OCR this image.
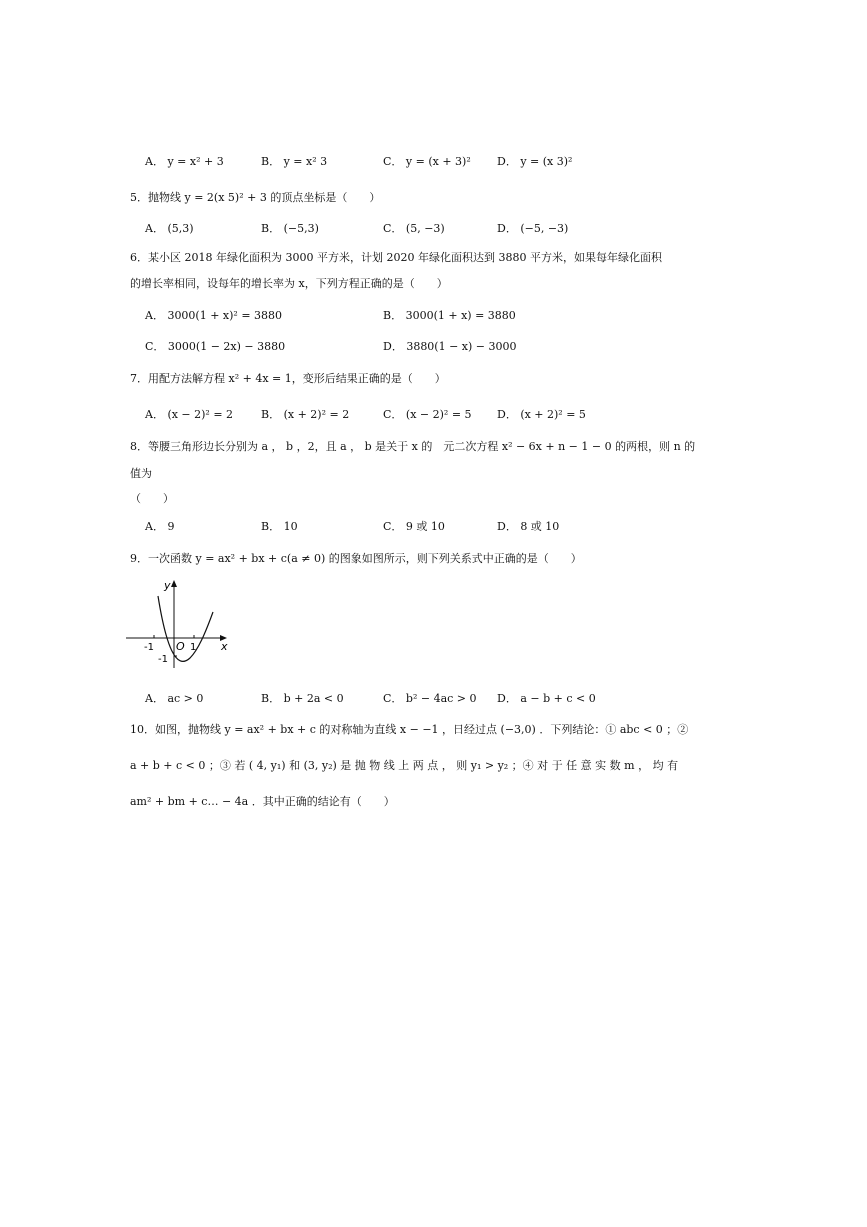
A． y = x² + 3	B． y = x² 3	C． y = (x + 3)² D． y = (x 3)²
5．抛物线 y = 2(x 5)² + 3 的顶点坐标是（　　）
A． (5,3)	B． (−5,3)	C． (5, −3)	D． (−5, −3)
6．某小区 2018 年绿化面积为 3000 平方米，计划 2020 年绿化面积达到 3880 平方米，如果每年绿化面积
的增长率相同，设每年的增长率为 x，下列方程正确的是（　　）
A． 3000(1 + x)² = 3880	B． 3000(1 + x) = 3880
C． 3000(1 − 2x) − 3880	D． 3880(1 − x) − 3000
7．用配方法解方程 x² + 4x = 1，变形后结果正确的是（　　）
A． (x − 2)² = 2	B． (x + 2)² = 2	C． (x − 2)² = 5 D． (x + 2)² = 5
8．等腰三角形边长分别为 a ， b ，2，且 a ， b 是关于 x 的　元二次方程 x² − 6x + n − 1 − 0 的两根，则 n 的
值为
（　　）
A． 9	B． 10	C． 9 或 10	D． 8 或 10
9．一次函数 y = ax² + bx + c(a ≠ 0) 的图象如图所示，则下列关系式中正确的是（　　）
y
x
O
-1	1
-1
A． ac > 0	B． b + 2a < 0	C． b² − 4ac > 0 D． a − b + c < 0
10．如图，抛物线 y = ax² + bx + c 的对称轴为直线 x − −1 ，日经过点 (−3,0) ．下列结论：① abc < 0 ；②
a + b + c < 0 ；③ 若 ( 4, y₁) 和 (3, y₂) 是 抛 物 线 上 两 点 ， 则 y₁ > y₂ ；④ 对 于 任 意 实 数 m ， 均 有
am² + bm + c… − 4a ．其中正确的结论有（　　）
